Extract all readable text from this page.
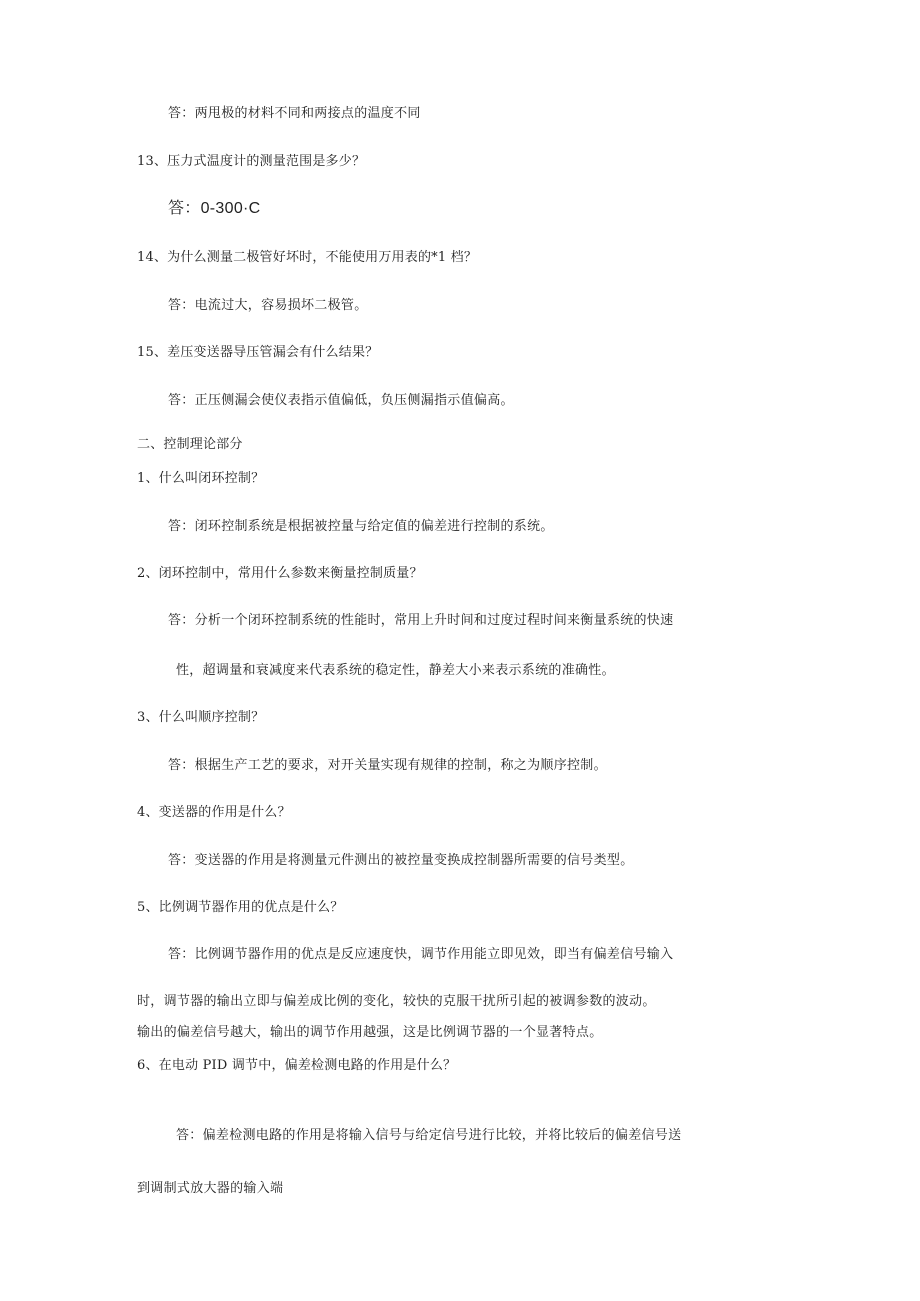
答：两甩极的材料不同和两接点的温度不同
13、压力式温度计的测量范围是多少？
答：0-300·C
14、为什么测量二极管好坏时，不能使用万用表的*1 档？
答：电流过大，容易损坏二极管。
15、差压变送器导压管漏会有什么结果？
答：正压侧漏会使仪表指示值偏低，负压侧漏指示值偏高。
二、控制理论部分
1、什么叫闭环控制？
答：闭环控制系统是根据被控量与给定值的偏差进行控制的系统。
2、闭环控制中，常用什么参数来衡量控制质量？
答：分析一个闭环控制系统的性能时，常用上升时间和过度过程时间来衡量系统的快速
性，超调量和衰减度来代表系统的稳定性，静差大小来表示系统的准确性。
3、什么叫顺序控制？
答：根据生产工艺的要求，对开关量实现有规律的控制，称之为顺序控制。
4、变送器的作用是什么？
答：变送器的作用是将测量元件测出的被控量变换成控制器所需要的信号类型。
5、比例调节器作用的优点是什么？
答：比例调节器作用的优点是反应速度快，调节作用能立即见效，即当有偏差信号输入
时，调节器的输出立即与偏差成比例的变化，较快的克服干扰所引起的被调参数的波动。
输出的偏差信号越大，输出的调节作用越强，这是比例调节器的一个显著特点。
6、在电动 PID 调节中，偏差检测电路的作用是什么？
答：偏差检测电路的作用是将输入信号与给定信号进行比较，并将比较后的偏差信号送
到调制式放大器的输入端
